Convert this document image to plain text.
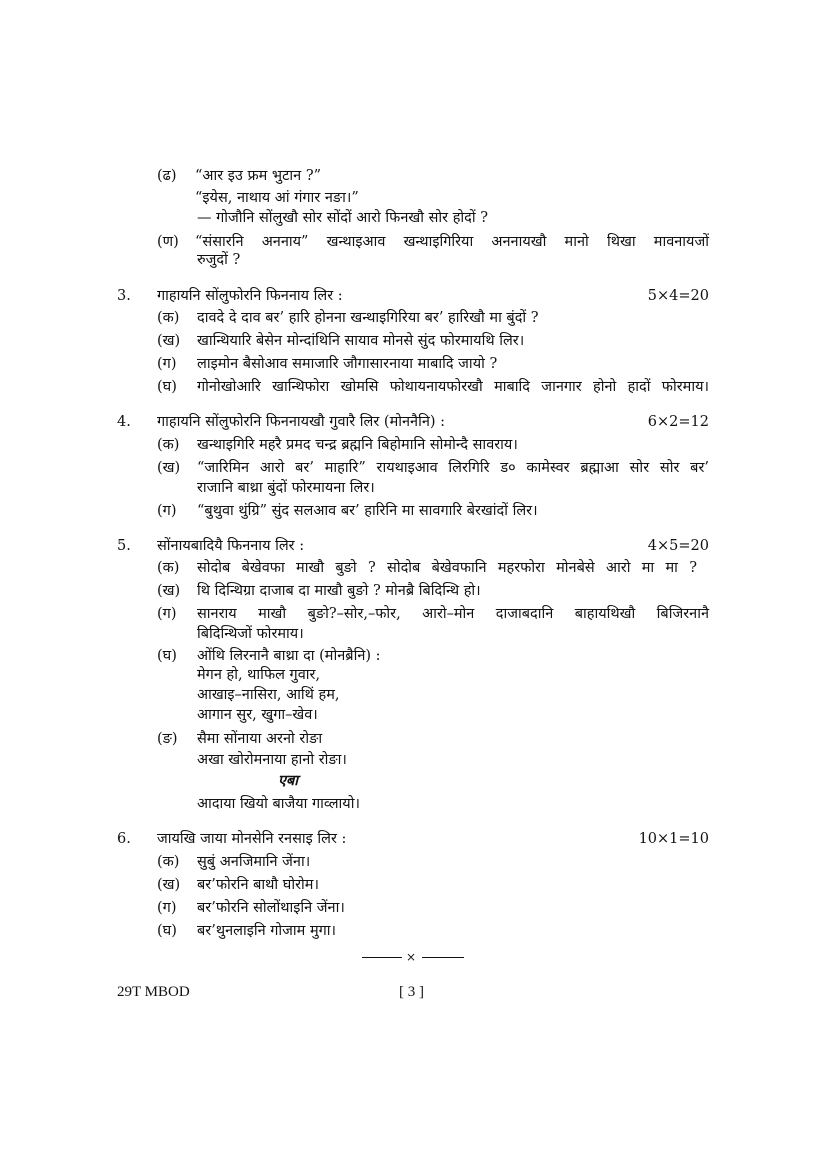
(ढ) “आर इउ फ्रम भुटान ?”
“इयेस, नाथाय आं गंगार नङा।”
— गोजौनि सोंलुखौ सोर सोंदों आरो फिनखौ सोर होदों ?
(ण) “संसारनि अननाय” खन्थाइआव खन्थाइगिरिया अननायखौ मानो थिखा मावनायजों
रुजुदों ?
3. गाहायनि सोंलुफोरनि फिननाय लिर :	5×4=20
(क) दावदे दे दाव बर’ हारि होनना खन्थाइगिरिया बर’ हारिखौ मा बुंदों ?
(ख) खान्थियारि बेसेन मोन्दांथिनि सायाव मोनसे सुंद फोरमायथि लिर।
(ग) लाइमोन बैसोआव समाजारि जौगासारनाया माबादि जायो ?
(घ) गोनोखोआरि खान्थिफोरा खोमसि फोथायनायफोरखौ माबादि जानगार होनो हादों फोरमाय।
4. गाहायनि सोंलुफोरनि फिननायखौ गुवारै लिर (मोननैनि) :	6×2=12
(क) खन्थाइगिरि महरै प्रमद चन्द्र ब्रह्मनि बिहोमानि सोमोन्दै सावराय।
(ख) “जारिमिन आरो बर’ माहारि” रायथाइआव लिरगिरि ड० कामेस्वर ब्रह्माआ सोर सोर बर’
राजानि बाथ्रा बुंदों फोरमायना लिर।
(ग) “बुथुवा थुंग्रि” सुंद सलआव बर’ हारिनि मा सावगारि बेरखांदों लिर।
5. सोंनायबादियै फिननाय लिर :	4×5=20
(क) सोदोब बेखेवफा माखौ बुङो ? सोदोब बेखेवफानि महरफोरा मोनबेसे आरो मा मा ?
(ख) थि दिन्थिग्रा दाजाब दा माखौ बुङो ? मोनब्रै बिदिन्थि हो।
(ग) सानराय माखौ बुङो?–सोर,–फोर, आरो–मोन दाजाबदानि बाहायथिखौ बिजिरनानै
बिदिन्थिजों फोरमाय।
(घ) ओंथि लिरनानै बाथ्रा दा (मोनब्रैनि) :
मेगन हो, थाफिल गुवार,
आखाइ–नासिरा, आथिं हम,
आगान सुर, खुगा–खेव।
(ङ) सैमा सोंनाया अरनो रोङा
अखा खोरोमनाया हानो रोङा।
एबा
आदाया खियो बाजैया गाव्लायो।
6. जायखि जाया मोनसेनि रनसाइ लिर :	10×1=10
(क) सुबुं अनजिमानि जेंना।
(ख) बर’फोरनि बाथौ घोरोम।
(ग) बर’फोरनि सोलोंथाइनि जेंना।
(घ) बर’थुनलाइनि गोजाम मुगा।
×
29T MBOD	[ 3 ]
